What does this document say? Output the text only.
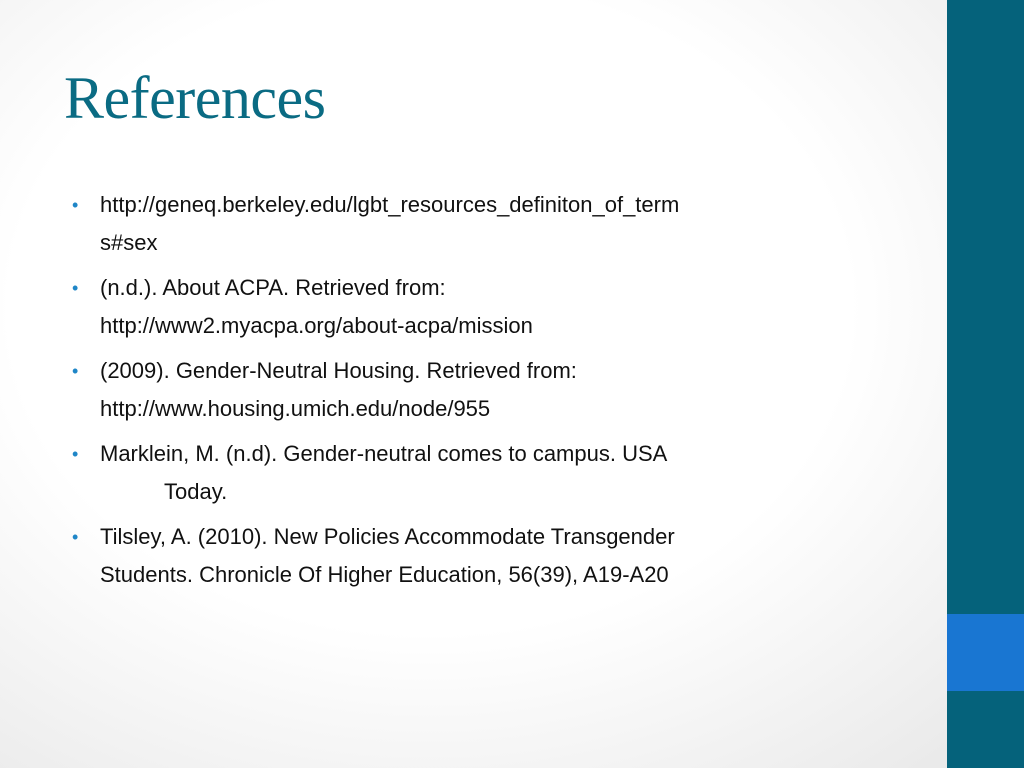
References
• http://geneq.berkeley.edu/lgbt_resources_definiton_of_term
s#sex
• (n.d.). About ACPA. Retrieved from:
http://www2.myacpa.org/about-acpa/mission
• (2009). Gender-Neutral Housing. Retrieved from:
http://www.housing.umich.edu/node/955
• Marklein, M. (n.d). Gender-neutral comes to campus. USA
Today.
• Tilsley, A. (2010). New Policies Accommodate Transgender
Students. Chronicle Of Higher Education, 56(39), A19-A20
